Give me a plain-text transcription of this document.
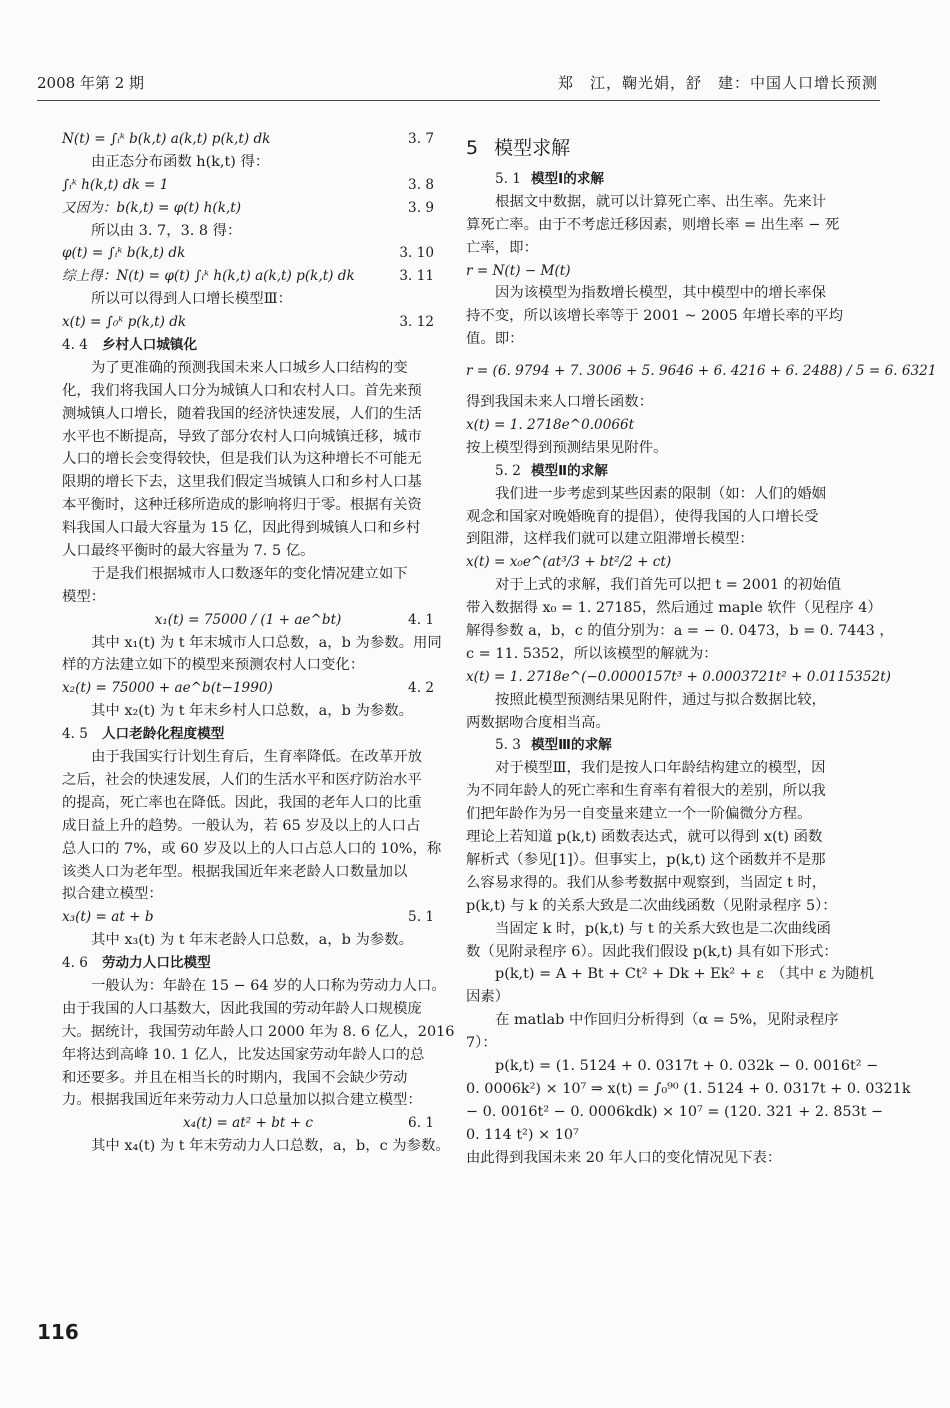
2008 年第 2 期	郑　江，鞠光娟，舒　建：中国人口增长预测
N(t) = ∫ᵢᵏ b(k,t) a(k,t) p(k,t) dk	3. 7
由正态分布函数 h(k,t) 得：
∫ᵢᵏ h(k,t) dk = 1	3. 8
又因为：b(k,t) = φ(t) h(k,t)	3. 9
所以由 3. 7，3. 8 得：
φ(t) = ∫ᵢᵏ b(k,t) dk	3. 10
综上得：N(t) = φ(t) ∫ᵢᵏ h(k,t) a(k,t) p(k,t) dk	3. 11
所以可以得到人口增长模型Ⅲ：
x(t) = ∫₀ᵏ p(k,t) dk	3. 12
4. 4 乡村人口城镇化
为了更准确的预测我国未来人口城乡人口结构的变
化，我们将我国人口分为城镇人口和农村人口。首先来预
测城镇人口增长，随着我国的经济快速发展，人们的生活
水平也不断提高，导致了部分农村人口向城镇迁移，城市
人口的增长会变得较快，但是我们认为这种增长不可能无
限期的增长下去，这里我们假定当城镇人口和乡村人口基
本平衡时，这种迁移所造成的影响将归于零。根据有关资
料我国人口最大容量为 15 亿，因此得到城镇人口和乡村
人口最终平衡时的最大容量为 7. 5 亿。
于是我们根据城市人口数逐年的变化情况建立如下
模型：
x₁(t) = 75000 / (1 + ae^bt)	4. 1
其中 x₁(t) 为 t 年末城市人口总数，a，b 为参数。用同
样的方法建立如下的模型来预测农村人口变化：
x₂(t) = 75000 + ae^b(t−1990)	4. 2
其中 x₂(t) 为 t 年末乡村人口总数，a，b 为参数。
4. 5 人口老龄化程度模型
由于我国实行计划生育后，生育率降低。在改革开放
之后，社会的快速发展，人们的生活水平和医疗防治水平
的提高，死亡率也在降低。因此，我国的老年人口的比重
成日益上升的趋势。一般认为，若 65 岁及以上的人口占
总人口的 7%，或 60 岁及以上的人口占总人口的 10%，称
该类人口为老年型。根据我国近年来老龄人口数量加以
拟合建立模型：
x₃(t) = at + b	5. 1
其中 x₃(t) 为 t 年末老龄人口总数，a，b 为参数。
4. 6 劳动力人口比模型
一般认为：年龄在 15 − 64 岁的人口称为劳动力人口。
由于我国的人口基数大，因此我国的劳动年龄人口规模庞
大。据统计，我国劳动年龄人口 2000 年为 8. 6 亿人，2016
年将达到高峰 10. 1 亿人，比发达国家劳动年龄人口的总
和还要多。并且在相当长的时期内，我国不会缺少劳动
力。根据我国近年来劳动力人口总量加以拟合建立模型：
x₄(t) = at² + bt + c	6. 1
其中 x₄(t) 为 t 年末劳动力人口总数，a，b，c 为参数。
5 模型求解
5. 1 模型Ⅰ的求解
根据文中数据，就可以计算死亡率、出生率。先来计
算死亡率。由于不考虑迁移因素，则增长率 = 出生率 − 死
亡率，即：
r = N(t) − M(t)
因为该模型为指数增长模型，其中模型中的增长率保
持不变，所以该增长率等于 2001 ~ 2005 年增长率的平均
值。即：
r = (6. 9794 + 7. 3006 + 5. 9646 + 6. 4216 + 6. 2488) / 5 = 6. 6321
得到我国未来人口增长函数：
x(t) = 1. 2718e^0.0066t
按上模型得到预测结果见附件。
5. 2 模型Ⅱ的求解
我们进一步考虑到某些因素的限制（如：人们的婚姻
观念和国家对晚婚晚育的提倡），使得我国的人口增长受
到阻滞，这样我们就可以建立阻滞增长模型：
x(t) = x₀e^(at³/3 + bt²/2 + ct)
对于上式的求解，我们首先可以把 t = 2001 的初始值
带入数据得 x₀ = 1. 27185，然后通过 maple 软件（见程序 4）
解得参数 a，b，c 的值分别为：a = − 0. 0473，b = 0. 7443 ，
c = 11. 5352，所以该模型的解就为：
x(t) = 1. 2718e^(−0.0000157t³ + 0.0003721t² + 0.0115352t)
按照此模型预测结果见附件，通过与拟合数据比较，
两数据吻合度相当高。
5. 3 模型Ⅲ的求解
对于模型Ⅲ，我们是按人口年龄结构建立的模型，因
为不同年龄人的死亡率和生育率有着很大的差别，所以我
们把年龄作为另一自变量来建立一个一阶偏微分方程。
理论上若知道 p(k,t) 函数表达式，就可以得到 x(t) 函数
解析式（参见[1]）。但事实上，p(k,t) 这个函数并不是那
么容易求得的。我们从参考数据中观察到，当固定 t 时，
p(k,t) 与 k 的关系大致是二次曲线函数（见附录程序 5）：
当固定 k 时，p(k,t) 与 t 的关系大致也是二次曲线函
数（见附录程序 6）。因此我们假设 p(k,t) 具有如下形式：
p(k,t) = A + Bt + Ct² + Dk + Ek² + ε　（其中 ε 为随机
因素）
在 matlab 中作回归分析得到（α = 5%，见附录程序
7）：
p(k,t) = (1. 5124 + 0. 0317t + 0. 032k − 0. 0016t² −
0. 0006k²) × 10⁷ ⇒ x(t) = ∫₀⁹⁰ (1. 5124 + 0. 0317t + 0. 0321k
− 0. 0016t² − 0. 0006kdk) × 10⁷ = (120. 321 + 2. 853t −
0. 114 t²) × 10⁷
由此得到我国未来 20 年人口的变化情况见下表：
116
